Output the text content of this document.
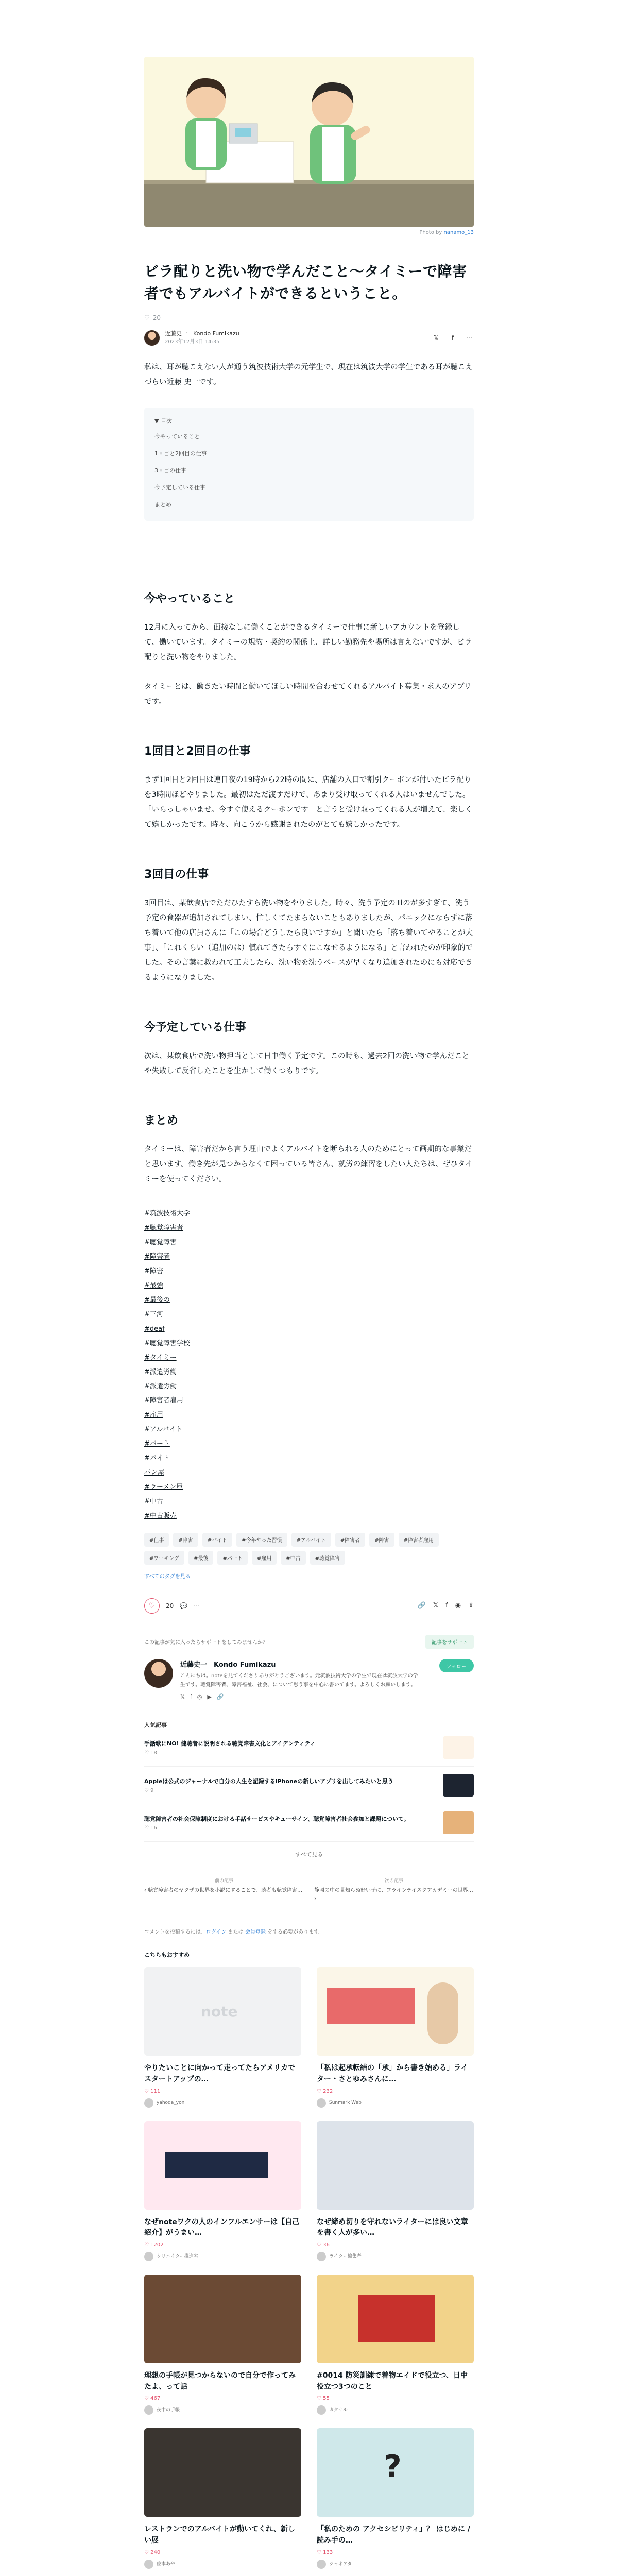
Photo by nanamo_13
ビラ配りと洗い物で学んだこと〜タイミーで障害者でもアルバイトができるということ。
♡ 20
近藤史一　Kondo Fumikazu
2023年12月3日 14:35
𝕏	f	⋯

私は、耳が聴こえない人が通う筑波技術大学の元学生で、現在は筑波大学の学生である耳が聴こえづらい近藤 史一です。

▼ 目次
今やっていること
1回目と2回目の仕事
3回目の仕事
今予定している仕事
まとめ
今やっていること

12月に入ってから、面接なしに働くことができるタイミーで仕事に新しいアカウントを登録して、働いています。タイミーの規約・契約の関係上、詳しい勤務先や場所は言えないですが、ビラ配りと洗い物をやりました。

タイミーとは、働きたい時間と働いてほしい時間を合わせてくれるアルバイト募集・求人のアプリです。

1回目と2回目の仕事

まず1回目と2回目は連日夜の19時から22時の間に、店舗の入口で割引クーポンが付いたビラ配りを3時間ほどやりました。最初はただ渡すだけで、あまり受け取ってくれる人はいませんでした。「いらっしゃいませ。今すぐ使えるクーポンです」と言うと受け取ってくれる人が増えて、楽しくて嬉しかったです。時々、向こうから感謝されたのがとても嬉しかったです。

3回目の仕事

3回目は、某飲食店でただひたすら洗い物をやりました。時々、洗う予定の皿のが多すぎて、洗う予定の食器が追加されてしまい、忙しくてたまらないこともありましたが、パニックにならずに落ち着いて他の店員さんに「この場合どうしたら良いですか」と聞いたら「落ち着いてやることが大事」、「これくらい（追加のは）慣れてきたらすぐにこなせるようになる」と言われたのが印象的でした。その言葉に救われて工夫したら、洗い物を洗うペースが早くなり追加されたのにも対応できるようになりました。

今予定している仕事

次は、某飲食店で洗い物担当として日中働く予定です。この時も、過去2回の洗い物で学んだことや失敗して反省したことを生かして働くつもりです。

まとめ

タイミーは、障害者だから言う理由でよくアルバイトを断られる人のためにとって画期的な事業だと思います。働き先が見つからなくて困っている皆さん、就労の練習をしたい人たちは、ぜひタイミーを使ってください。

#筑波技術大学
#聴覚障害者
#聴覚障害
#障害者
#障害
#最強
#最後の
#三河
#deaf
#聴覚障害学校
#タイミー
#派遣労働
#派遣労働
#障害者雇用
#雇用
#アルバイト
#バート
#バイト
パン屋
#ラーメン屋
#中古
#中古販売
#仕事	#障害	#バイト	#今年やった習慣	#アルバイト	#障害者	#障害	#障害者雇用
#ワーキング	#最後	#パート	#雇用	#中古	#聴覚障害
すべてのタグを見る
♡	20 💬 ⋯	🔗 𝕏 f ◉ ⇪
この記事が気に入ったらサポートをしてみませんか？	記事をサポート
近藤史一　Kondo Fumikazu
こんにちは。noteを見てくださりありがとうございます。元筑波技術大学の学生で現在は筑波大学の学生です。聴覚障害者、障害福祉、社会、について思う事を中心に書いてます。よろしくお願いします。
𝕏 f ◎ ▶ 🔗
フォロー
人気記事
手話歌にNO! 健聴者に説明される聴覚障害文化とアイデンティティ
♡ 18
Appleは公式のジャーナルで自分の人生を記録するiPhoneの新しいアプリを出してみたいと思う
♡ 9
聴覚障害者の社会保障制度における手話サービスやキューサイン、聴覚障害者社会参加と課題について。
♡ 16
すべて見る
前の記事
‹ 聴覚障害者のヤクザの世界を小説にすることで、聴者も聴覚障害…
次の記事
静岡の中の見知らぬ好い子に、フラインデイスクアカデミーの世界… ›
コメントを投稿するには、ログイン または 会員登録 をする必要があります。
こちらもおすすめ
note
やりたいことに向かって走ってたらアメリカでスタートアップの…
♡ 111
yahoda_yon
「私は起承転結の「承」から書き始める」ライター・さとゆみさんに…
♡ 232
Sunmark Web
なぜnoteワクの人のインフルエンサーは【自己紹介】がうまい…
♡ 1202
クリエイター推進室
なぜ締め切りを守れないライターには良い文章を書く人が多い…
♡ 36
ライター編集者
理想の手帳が見つからないので自分で作ってみたよ、って話
♡ 467
夜中の手帳
#0014 防災訓練で着物エイドで役立つ、日中役立つ3つのこと
♡ 55
カタサル
レストランでのアルバイトが動いてくれ、新しい展
♡ 240
佐本あや
?
「私のための アクセシビリティ」？ はじめに / 読み手の…
♡ 133
ジャネアタ
